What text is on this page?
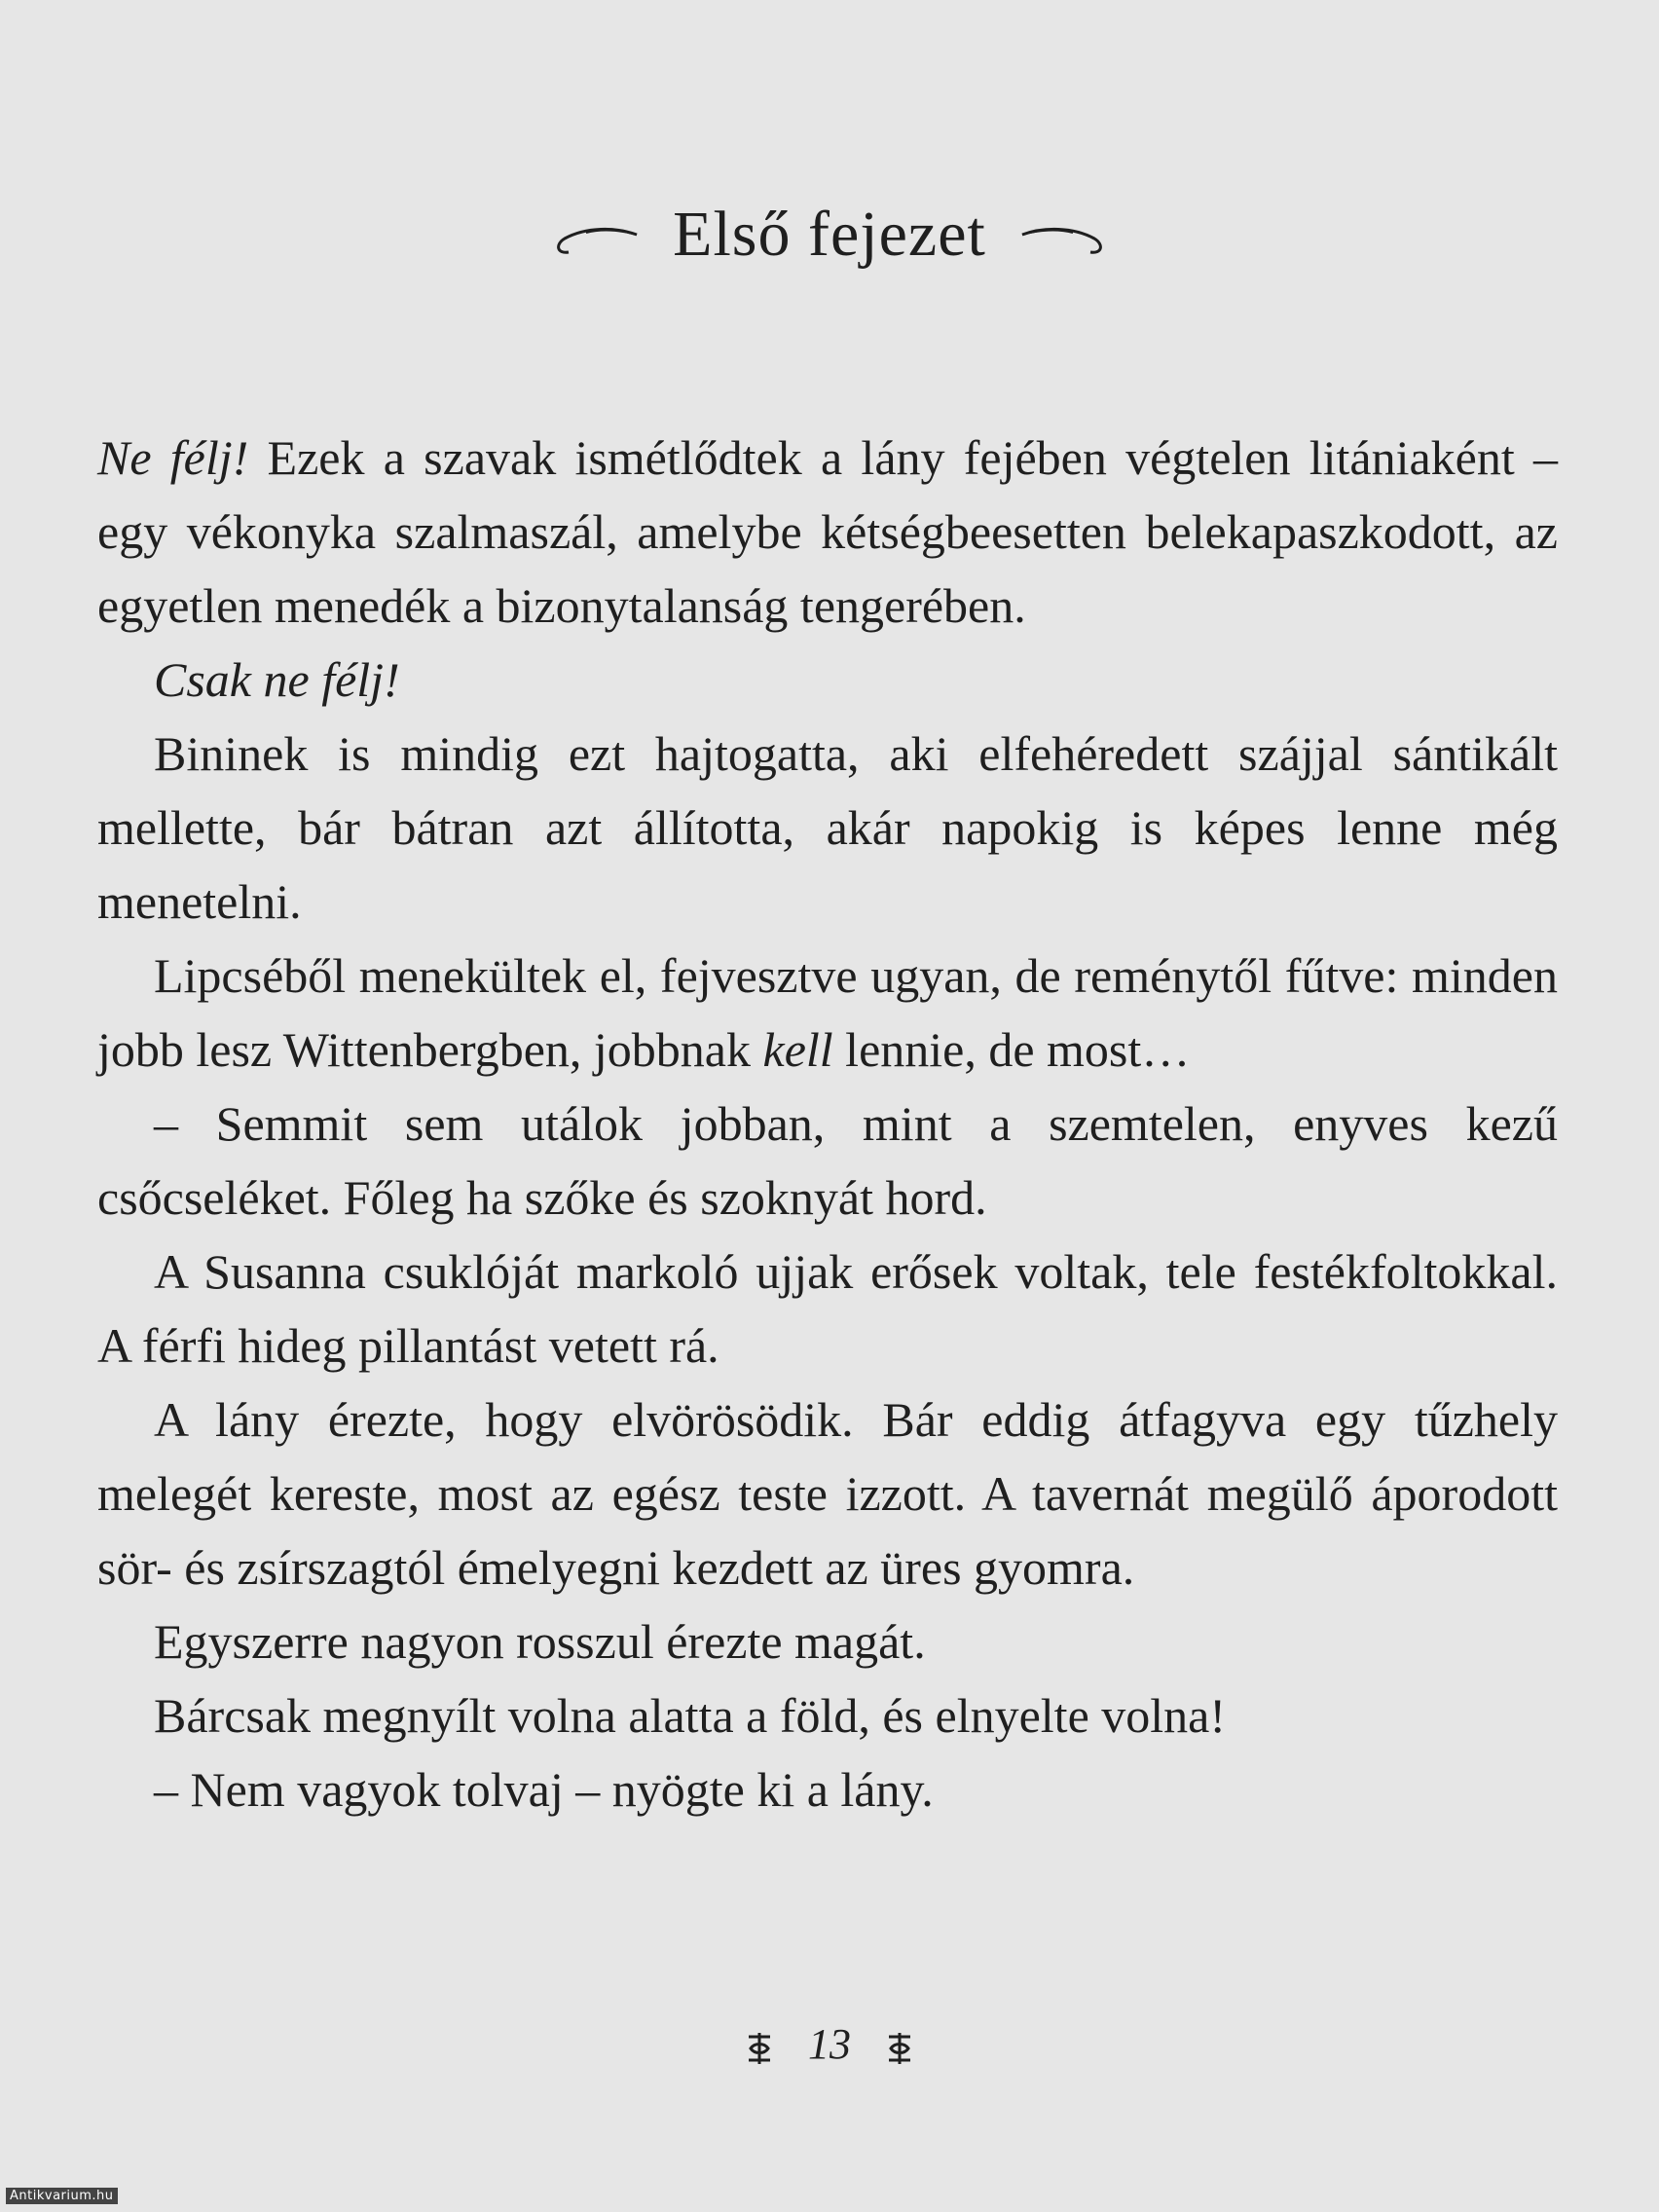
Első fejezet

Ne félj! Ezek a szavak ismétlődtek a lány fejében végtelen litániaként – egy vékonyka szalmaszál, amelybe kétségbeesetten belekapaszkodott, az egyetlen menedék a bizonytalanság tengerében.

Csak ne félj!

Bininek is mindig ezt hajtogatta, aki elfehéredett szájjal sántikált mellette, bár bátran azt állította, akár napokig is képes lenne még menetelni.

Lipcséből menekültek el, fejvesztve ugyan, de reménytől fűtve: minden jobb lesz Wittenbergben, jobbnak kell lennie, de most…

– Semmit sem utálok jobban, mint a szemtelen, enyves kezű csőcseléket. Főleg ha szőke és szoknyát hord.

A Susanna csuklóját markoló ujjak erősek voltak, tele festékfoltokkal. A férfi hideg pillantást vetett rá.

A lány érezte, hogy elvörösödik. Bár eddig átfagyva egy tűzhely melegét kereste, most az egész teste izzott. A tavernát megülő áporodott sör- és zsírszagtól émelyegni kezdett az üres gyomra.

Egyszerre nagyon rosszul érezte magát.

Bárcsak megnyílt volna alatta a föld, és elnyelte volna!

– Nem vagyok tolvaj – nyögte ki a lány.

13
Antikvarium.hu
